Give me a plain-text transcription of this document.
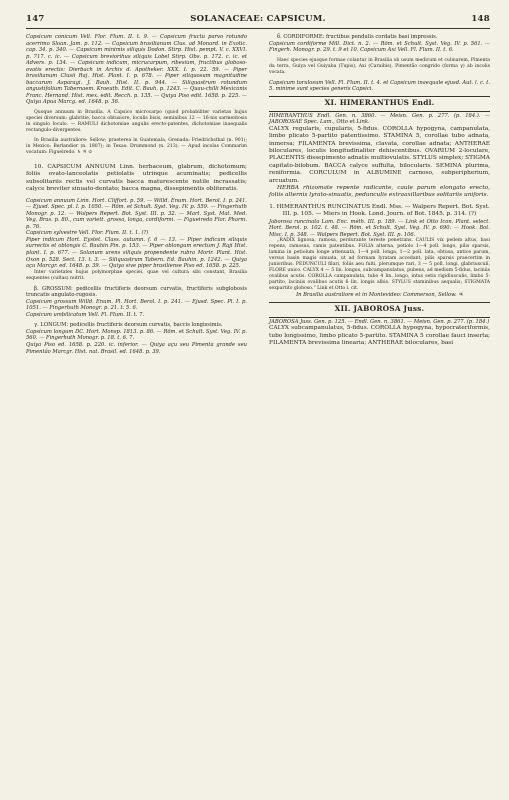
147	SOLANACEAE: CAPSICUM.	148

Capsicum conicum Vell. Flor. Flum. II. t. 9. — Capsicum fructu parvo rotundo acerrimo Sloan. Jam. p. 112. — Capsicum brasilianum Clus. ad Monard. in Exotic. cap. 34. p. 340. — Capsicum minimis siliquis Dodon. Stirp. Hist. pempt. V. c. XXVI. p. 717. c. ic. — Capsicum breviorihus siliquis Lobel Stirp. Obs. p. 172. c. ic. et Advers. p. 134. — Capsicum indicum, micrucarpum, ribesium, fructibus globoso-ovatis erectis: Dierbach in Archiv d. Apotheker. XXX. I. p. 22. 59. — Piper brasilianum Clusii Raj. Hist. Plant. I. p. 678. — Piper siliquosum magnitudine baccarum Asparagi. J. Bauh. Hist. II. p. 944. — Siliquastrum rotundum angustifolium Tabernaem. Kraeuth. Edit. C. Bauh. p. 1243. — Quau-chilli Mexicanis Franc. Hernand. Hist. mex. edit. Recch. p. 135. — Quiya Piso edit. 1658. p. 225. — Quiya Apua Marcg. ed. 1648. p. 36.

Quoque annuum in Brasilia. A Capsico microcarpo (quod probabiliter varietas hujus speciei diversum: glabritie, bacca obtusiore, loculis bisis, seminibus 12 — 16-nis sarmentosis in singulo loculo. — RAMULI dichotomiae angulis erecto-patentes, dichotomiae inaequalis rectangulo-divergentes.

In Brasilia australiore: Sellow; praeterea in Guatemala, Grenada: Friedrichsthal (n. 901); in Mexico: Berlandier (n. 1807); in Texas: Drummond (n. 213). — Apud incolas Commarim vocatum: Figueiredo. ♄ ♃ ⊙

10. CAPSICUM ANNUUM Linn. herbaceum, glabrum, dichotomum; foliis ovato-lanceolatis petiolatis utrinque acuminatis; pedicellis subsolitariis rectis vel curvatis bacca maturescente nutile incrassatis; calyce breviter sinuato-dentato; bacca magna, dissepimentis obliteratis.

Capsicum annuum Linn. Hort. Cliffort. p. 59. — Willd. Enum. Hort. Berol. I. p. 241. — Ejusd. Spec. pl. I. p. 1050. — Röm. et Schult. Syst. Veg. IV. p. 559. — Fingerhuth Monogr. p. 12. — Walpers Repert. Bot. Syst. III. p. 32. — Mart. Syst. Mat. Med. Veg. Bras. p. 80., cum variett. grossa, longa, cordiformi. — Figueiredo Flor. Pharm. p. 76.

Capsicum sylvestre Vell. Flor. Flum. II. t. 1. (?)

Piper indicum Hort. Eystet. Class. autumn. f. 6 — 13. — Piper indicum siliquis surrectis et oblongis C. Bauhin Pin. p. 153. — Piper oblongum erectum J. Raji Hist. plant. I. p. 677. — Solanum urens siliquis propendente rubra Morir. Plant. Hist. Oxon p. 528. Sect. 13. t. 3. — Siliquastrum Tabern. Ed. Bauhin. p. 1242. — Quiya açu Marcgr. ed. 1648. p. 39. — Quiya sive piper brasiliense Piso ed. 1658. p. 225.

Inter varietates hujus polymorphae speciei, quae vel cultura sibi constant, Brasilia sequentes (cultas) nutrit.

β. GROSSUM: pedicellis fructiferis deorsum curvatis, fructiferis subglobosis truncatis angulato-rugosis.

Capsicum grossum Willd. Enum. Pl. Hort. Berol. I. p. 241. — Ejusd. Spec. Pl. I. p. 1051. — Fingerhuth Monogr. p. 21. t. 5. 6.

Capsicum umbilicatum Vell. Fl. Flum. II. t. 7.

γ. LONGUM: pedicellis fructiferis deorsum curvatis, baccis longissimis.

Capsicum longum DC. Hort. Monsp. 1813. p. 86. — Röm. et Schult. Syst. Veg. IV. p. 560. — Fingerhuth Monogr. p. 18. t. 6. 7.

Quiya Piso ed. 1658. p. 220. ic. inferior. — Quiya açu seu Pimenta grande seu Pimentão Marcgr. Hist. nat. Brasil. ed. 1648. p. 39.

δ. CORDIFORME: fructibus pendulis cordatis basi impressis.

Capsicum cordiforme Mill. Dict. n. 2. — Röm. et Schult. Syst. Veg. IV. p. 561. — Fingerh. Monogr. p. 29. t. 9 et 10. Capsicum Axi Vell. Fl. Flum. II. t. 6.

Haec species ejusque formae colantur in Brasilia ob usum medicum et culinarem, Pimenta da terra, Guiya vel Guiyaba (Tupis), Axi (Caraibis), Pimentão congrido (forma γ) ab incolis vocata.

Capsicum torulosum Vell. Fl. Flum. II. t. 4. et Capsicum inaequale ejusd. Aut. l. c. t. 5. minime sunt species generis Capsici.

XI. HIMERANTHUS Endl.

HIMERANTHUS Endl. Gen. n. 3860. — Meisn. Gen. p. 277. (p. 184.). — JABOROSAE Spec. Lam., Otto et Link.

CALYX regularis, cupularis, 5-fidus. COROLLA hypogyna, campanulata, limbo plicato 5-partito patentissimo. STAMINA 5, corollae tubo adnata, inmersa; FILAMENTA brevissima, clavata, corollae adnata; ANTHERAE biloculares, loculis longitudinaliter dehiscentibus. OVARIUM 2-loculare, PLACENTIS dissepimento adnatis multiovulatis. STYLUS simplex; STIGMA capitato-bilobum. BACCA calyce suffulta, bilocularis. SEMINA plurima, reniformia. CORCULUM in ALBUMINE carnoso, subperipherium, arcuatum.

HERBA rhizomate repente radicante, caule parum elongato erecto, foliis alternis lyrato-sinuatis, pedunculis extraaxillaribus solitariis uniforis.

1. HIMERANTHUS RUNCINATUS Endl. Mss. — Walpers Repert. Bot. Syst. III. p. 105. — Miers in Hook. Lond. Journ. of Bot. 1845. p. 314. (?)

Jaborosa runcinata Lam. Enc. méth. III. p. 189. — Link et Otto Icon. Plant. select. Hort. Berol. p. 102. t. 48. — Röm. et Schult. Syst. Veg. IV. p. 690. — Hook. Bot. Misc. I. p. 348. — Walpers Repert. Bot. Syst. III. p. 106.

„RADIX lignosa, ramosa, perdurante tereste penetrans. CAULIS vix pedem altus, basi repens, ramosus, ramis patentibus. FOLIA alterna, petiolo 1—4 poll. longo, pilis sparsis, lamina in petiolum longe attenuata, 1—4 poll. longa, 1—2 poll. lata, obtusa, antice parum, versus basin magis sinuata, ut ad formam lyratam accedant, pilis sparsis praecertim in juniorihus. PEDUNCULI filari, foliis aeu fulti, plerumque rari, 3 — 5 poll. longi, glabriusculi, FLORE unico. CALYX 4 — 5 lin. longus, subcampanulatus, pubens, ad medium 5-fidus, laciniis ovalibus acutis. COROLLA campanulata, tubo 4 lin. longo, intus setis rigidiusculis, limbo 5-partito, laciniis ovalibus acutis 6 lin. longis albis. STYLUS staminibus aequalis; STIGMATA sexpartito globoso.“ Link et Otto l. cit.

In Brasilia australiore et in Montevideo: Commerson, Sellow. ♃

XII. JABOROSA Juss.

JABOROSA Juss. Gen. p. 125. — Endl. Gen. n. 3861. — Meisn. Gen. p. 277. (p. 184.)

CALYX subcampanulatus, 5-fidus. COROLLA hypogyna, hypocrateriformis, tubo longissimo, limbo plicato 5-partito. STAMINA 5 corollae fauci inserta; FILAMENTA brevissima linearia; ANTHERAE biloculares, basi
